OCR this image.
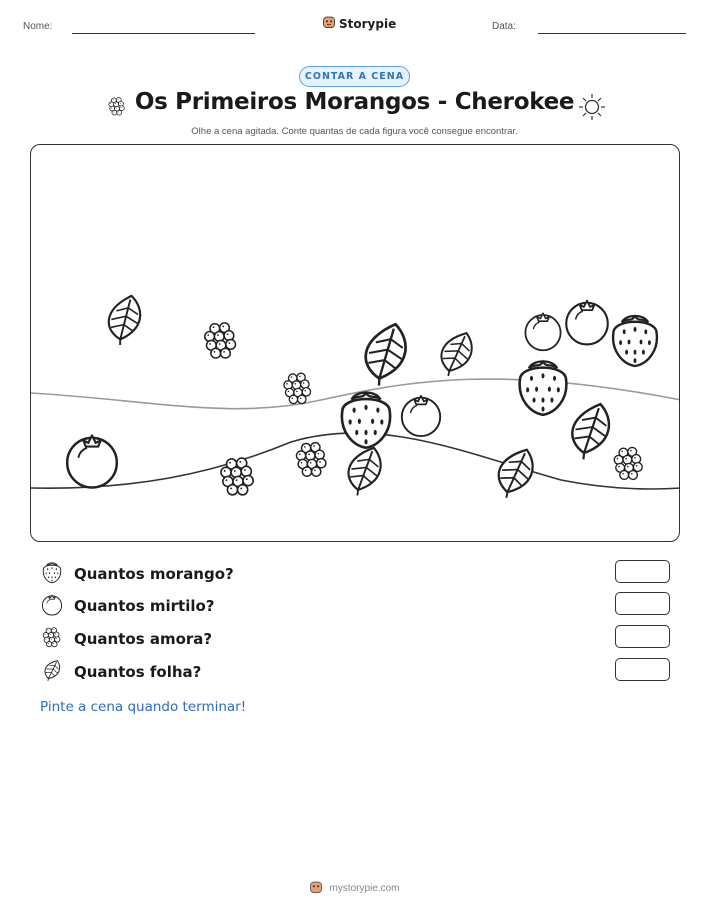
Nome:	Storypie	Data:
CONTAR A CENA
Os Primeiros Morangos - Cherokee
Olhe a cena agitada. Conte quantas de cada figura você consegue encontrar.
Quantos morango?
Quantos mirtilo?
Quantos amora?
Quantos folha?
Pinte a cena quando terminar!
mystorypie.com
